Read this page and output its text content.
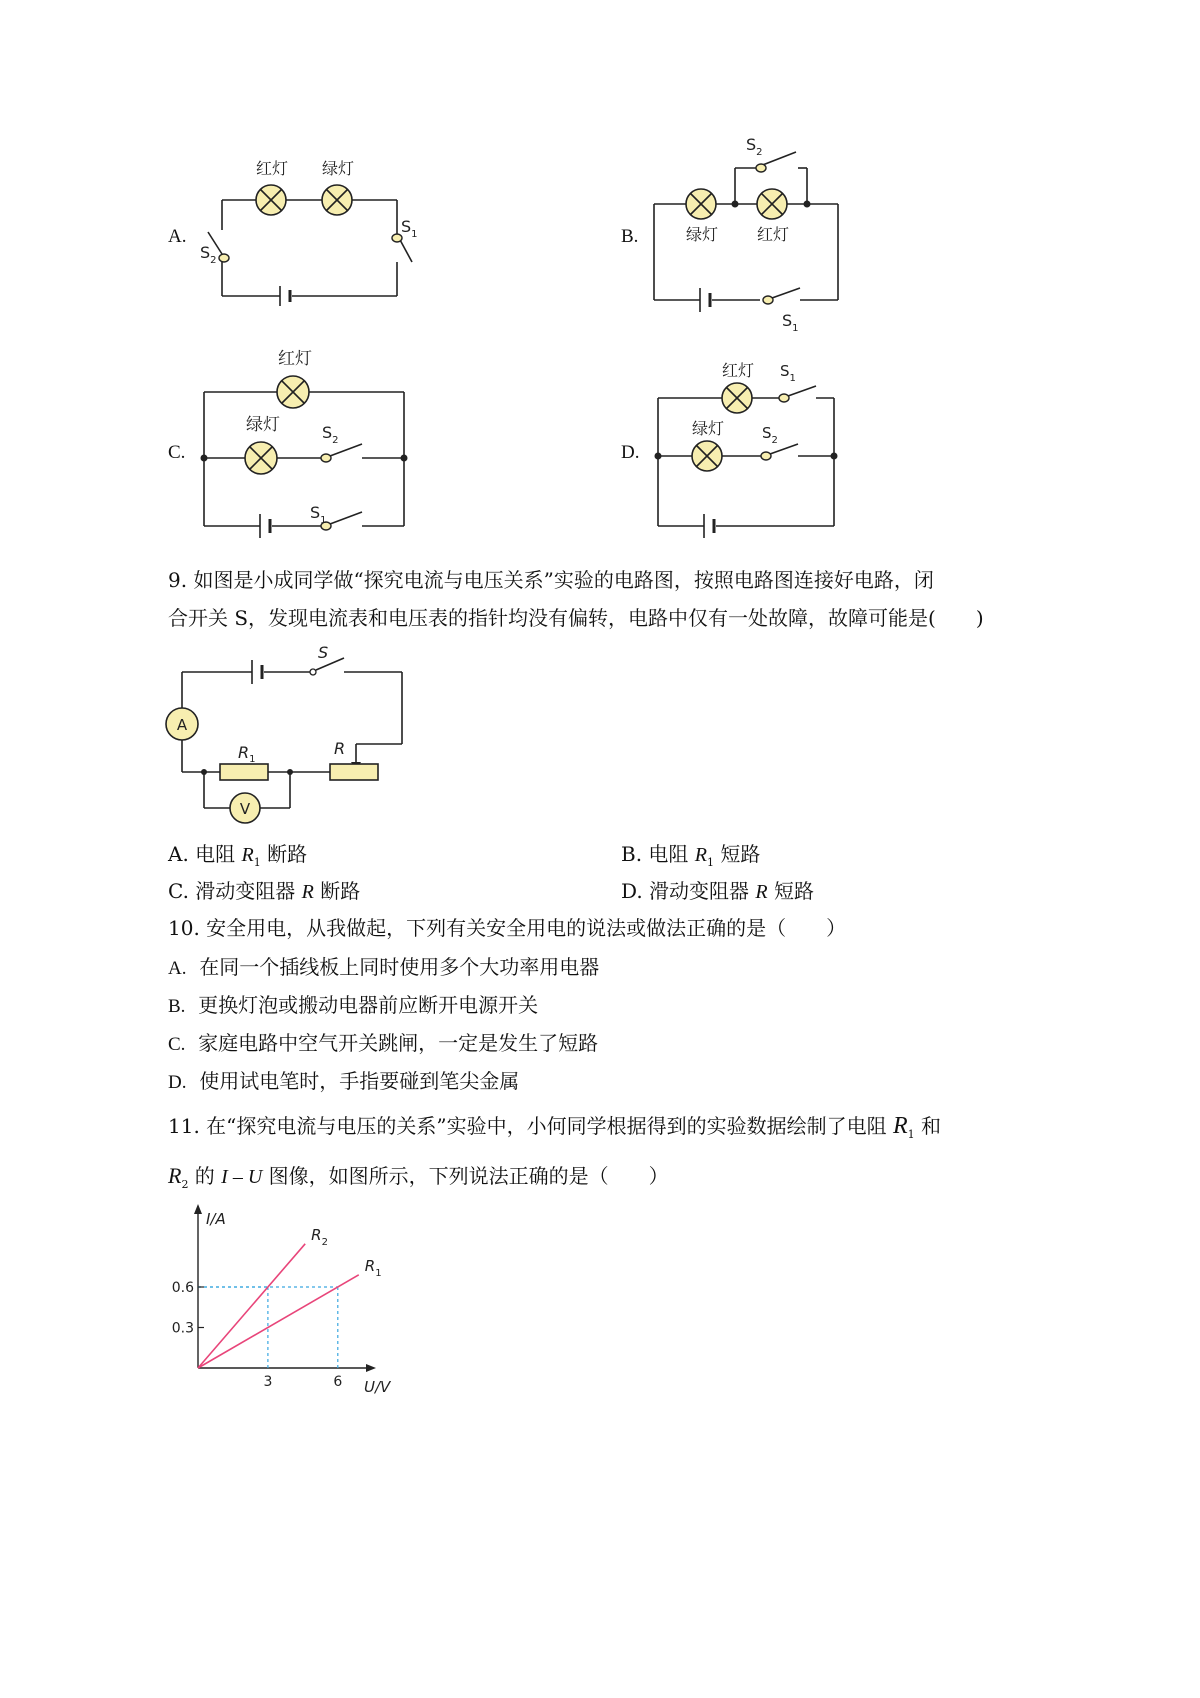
A.
红灯 绿灯
$S_1$
$S_2$
B.	绿灯 红灯
$S_2$
$S_1$
C.
红灯
绿灯	$S_2$
$S_1$
D.
红灯
绿灯
$S_1$
$S_2$
9. 如图是小成同学做“探究电流与电压关系”实验的电路图，按照电路图连接好电路，闭
合开关 S，发现电流表和电压表的指针均没有偏转，电路中仅有一处故障，故障可能是(　　)
A
V
S
$R_1$
R
A. 电阻 $R_1$ 断路	B. 电阻 $R_1$ 短路
C. 滑动变阻器 R 断路	D. 滑动变阻器 R 短路
10. 安全用电，从我做起，下列有关安全用电的说法或做法正确的是（　　）
A. 在同一个插线板上同时使用多个大功率用电器
B. 更换灯泡或搬动电器前应断开电源开关
C. 家庭电路中空气开关跳闸，一定是发生了短路
D. 使用试电笔时，手指要碰到笔尖金属
11. 在“探究电流与电压的关系”实验中，小何同学根据得到的实验数据绘制了电阻 $R_1$ 和
$R_2$ 的 I – U 图像，如图所示，下列说法正确的是（　　）
3	6
0.3
0.6
I/A
U/V
$R_2$
$R_1$
